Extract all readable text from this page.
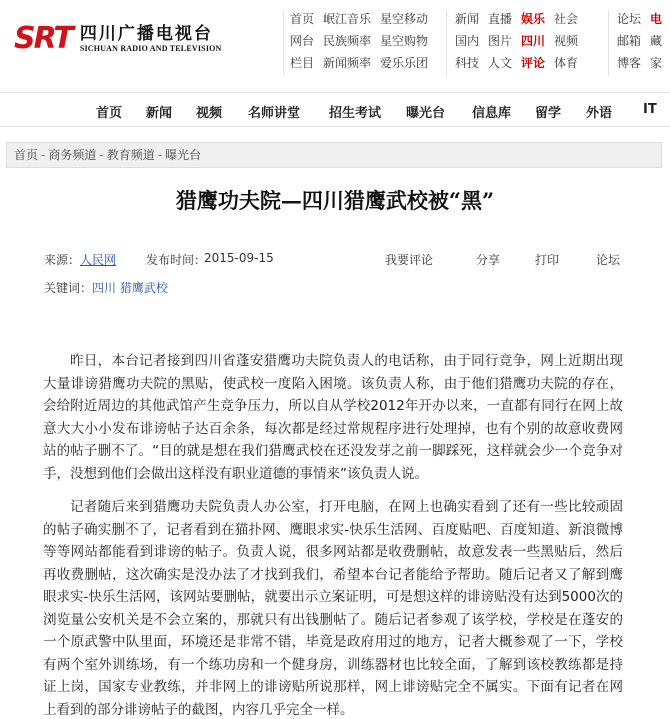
SRT 四川广播电视台
SICHUAN RADIO AND TELEVISION
首页 岷江音乐 星空移动
网台 民族频率 星空购物
栏目 新闻频率 爱乐乐团
新闻 直播 娱乐 社会
国内 图片 四川 视频
科技 人文 评论 体育
论坛 电
邮箱 藏
博客 家
首页 新闻 视频 名师讲堂 招生考试 曝光台 信息库 留学 外语 IT
首页 - 商务频道 - 教育频道 - 曝光台
猎鹰功夫院—四川猎鹰武校被“黑”
来源： 人民网 发布时间：
2015-09-15	我要评论	分享	打印	论坛
关键词：四川 猎鹰武校

昨日，本台记者接到四川省蓬安猎鹰功夫院负责人的电话称，由于同行竞争，网上近期出现大量诽谤猎鹰功夫院的黑贴，使武校一度陷入困境。该负责人称，由于他们猎鹰功夫院的存在，会给附近周边的其他武馆产生竞争压力，所以自从学校2012年开办以来，一直都有同行在网上故意大大小小发布诽谤帖子达百余条，每次都是经过常规程序进行处理掉，也有个别的故意收费网站的帖子删不了。“目的就是想在我们猎鹰武校在还没发芽之前一脚踩死，这样就会少一个竞争对手，没想到他们会做出这样没有职业道德的事情来”该负责人说。

记者随后来到猎鹰功夫院负责人办公室，打开电脑，在网上也确实看到了还有一些比较顽固的帖子确实删不了，记者看到在猫扑网、鹰眼求实-快乐生活网、百度贴吧、百度知道、新浪微博等等网站都能看到诽谤的帖子。负责人说，很多网站都是收费删帖，故意发表一些黑贴后，然后再收费删帖，这次确实是没办法了才找到我们，希望本台记者能给予帮助。随后记者又了解到鹰眼求实-快乐生活网，该网站要删帖，就要出示立案证明，可是想这样的诽谤贴没有达到5000次的浏览量公安机关是不会立案的，那就只有出钱删帖了。随后记者参观了该学校，学校是在蓬安的一个原武警中队里面，环境还是非常不错，毕竟是政府用过的地方，记者大概参观了一下，学校有两个室外训练场，有一个练功房和一个健身房，训练器材也比较全面，了解到该校教练都是持证上岗，国家专业教练，并非网上的诽谤贴所说那样，网上诽谤贴完全不属实。下面有记者在网上看到的部分诽谤帖子的截图，内容几乎完全一样。
